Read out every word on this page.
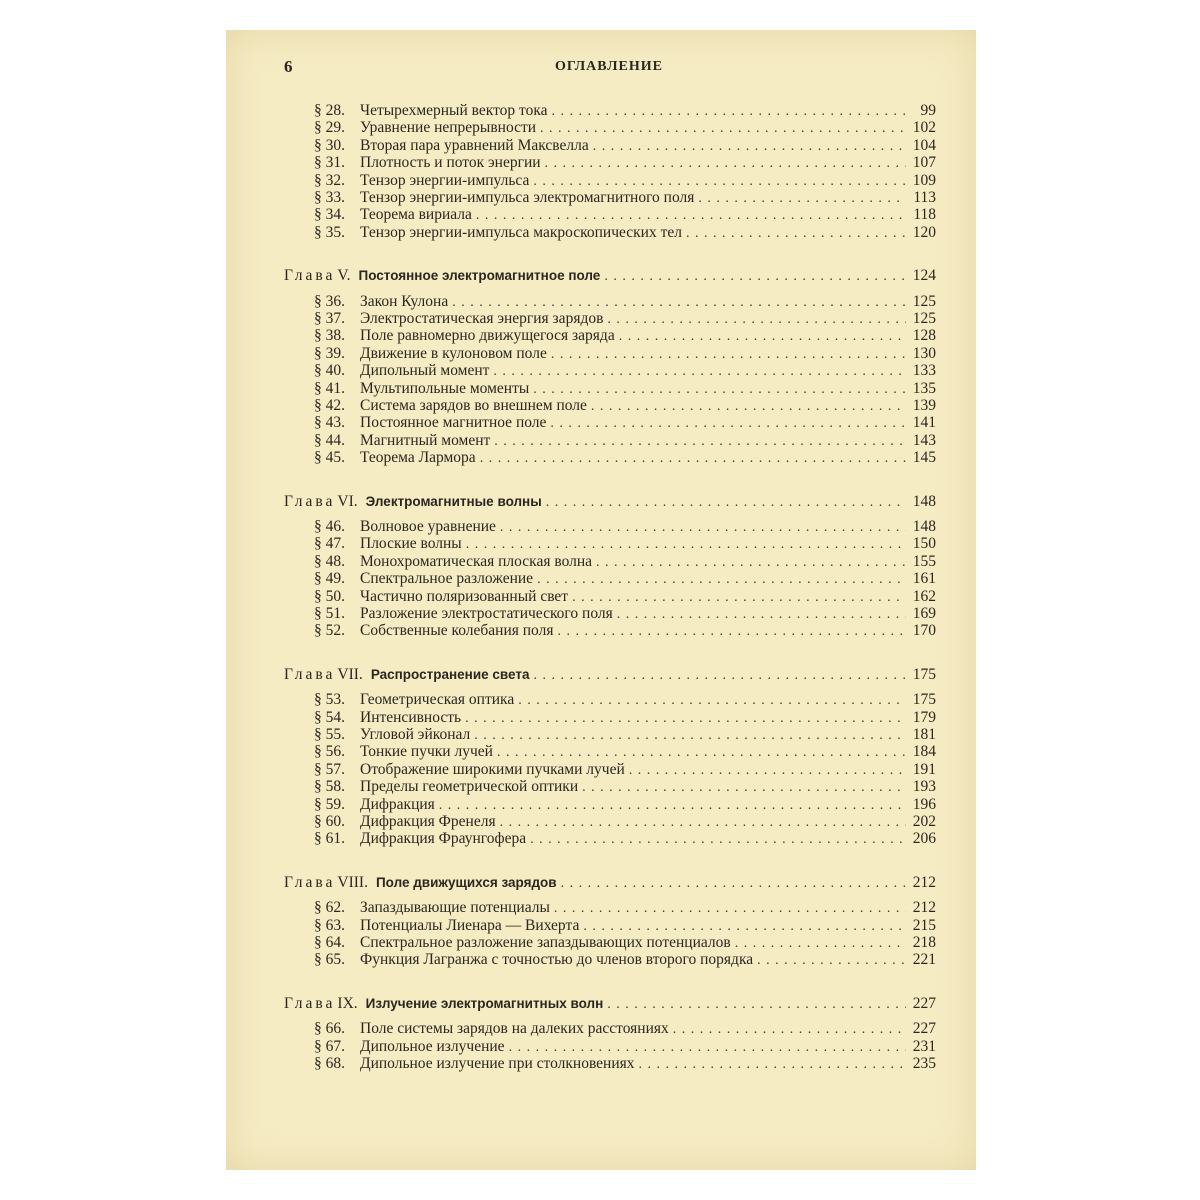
6	ОГЛАВЛЕНИЕ
§ 28. Четырехмерный вектор тока . . .	99
§ 29. Уравнение непрерывности . . .	102
§ 30. Вторая пара уравнений Максвелла . . .	104
§ 31. Плотность и поток энергии . . .	107
§ 32. Тензор энергии-импульса . . .	109
§ 33. Тензор энергии-импульса электромагнитного поля . . .	113
§ 34. Теорема вириала . . .	118
§ 35. Тензор энергии-импульса макроскопических тел . . .	120
Глава V. Постоянное электромагнитное поле . . .	124
§ 36. Закон Кулона . . .	125
§ 37. Электростатическая энергия зарядов . . .	125
§ 38. Поле равномерно движущегося заряда . . .	128
§ 39. Движение в кулоновом поле . . .	130
§ 40. Дипольный момент . . .	133
§ 41. Мультипольные моменты . . .	135
§ 42. Система зарядов во внешнем поле . . .	139
§ 43. Постоянное магнитное поле . . .	141
§ 44. Магнитный момент . . .	143
§ 45. Теорема Лармора . . .	145
Глава VI. Электромагнитные волны . . .	148
§ 46. Волновое уравнение . . .	148
§ 47. Плоские волны . . .	150
§ 48. Монохроматическая плоская волна . . .	155
§ 49. Спектральное разложение . . .	161
§ 50. Частично поляризованный свет . . .	162
§ 51. Разложение электростатического поля . . .	169
§ 52. Собственные колебания поля . . .	170
Глава VII. Распространение света . . .	175
§ 53. Геометрическая оптика . . .	175
§ 54. Интенсивность . . .	179
§ 55. Угловой эйконал . . .	181
§ 56. Тонкие пучки лучей . . .	184
§ 57. Отображение широкими пучками лучей . . .	191
§ 58. Пределы геометрической оптики . . .	193
§ 59. Дифракция . . .	196
§ 60. Дифракция Френеля . . .	202
§ 61. Дифракция Фраунгофера . . .	206
Глава VIII. Поле движущихся зарядов . . .	212
§ 62. Запаздывающие потенциалы . . .	212
§ 63. Потенциалы Лиенара — Вихерта . . .	215
§ 64. Спектральное разложение запаздывающих потенциалов . . .	218
§ 65. Функция Лагранжа с точностью до членов второго порядка . . .	221
Глава IX. Излучение электромагнитных волн . . .	227
§ 66. Поле системы зарядов на далеких расстояниях . . .	227
§ 67. Дипольное излучение . . .	231
§ 68. Дипольное излучение при столкновениях . . .	235
